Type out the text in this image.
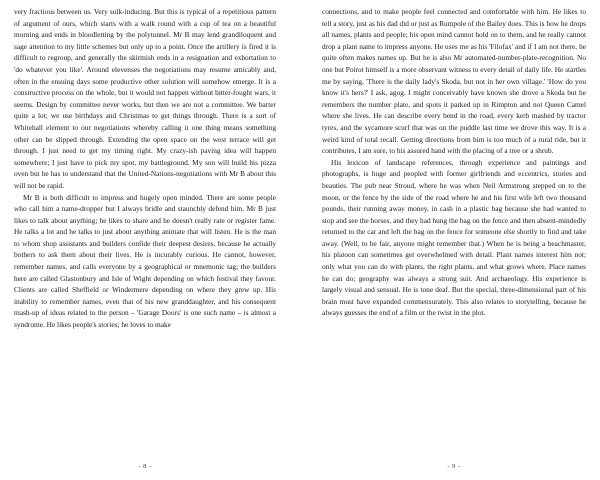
very fractious between us. Very sulk-inducing. But this is typical of a repetitious pattern of argument of ours, which starts with a walk round with a cup of tea on a beautiful morning and ends in bloodletting by the polytunnel. Mr B may lend grandiloquent and sage attention to my little schemes but only up to a point. Once the artillery is fired it is difficult to regroup, and generally the skirmish ends in a resignation and exhortation to 'do whatever you like'. Around elevenses the negotiations may resume amicably and, often in the ensuing days some productive other solution will somehow emerge. It is a constructive process on the whole, but it would not happen without bitter-fought wars, it seems. Design by committee never works, but then we are not a committee. We barter quite a lot; we use birthdays and Christmas to get things through. There is a sort of Whitehall element to our negotiations whereby calling it one thing means something other can be slipped through. Extending the open space on the west terrace will get through. I just need to get my timing right. My crazy-ish paving idea will happen somewhere; I just have to pick my spot, my battleground. My son will build his pizza oven but he has to understand that the United-Nations-negotiations with Mr B about this will not be rapid.

Mr B is both difficult to impress and hugely open minded. There are some people who call him a name-dropper but I always bridle and staunchly defend him. Mr B just likes to talk about anything; he likes to share and he doesn't really rate or register fame. He talks a lot and he talks to just about anything animate that will listen. He is the man to whom shop assistants and builders confide their deepest desires, because he actually bothers to ask them about their lives. He is incurably curious. He cannot, however, remember names, and calls everyone by a geographical or mnemonic tag; the builders here are called Glastonbury and Isle of Wight depending on which festival they favour. Clients are called Sheffield or Windermere depending on where they grew up. His inability to remember names, even that of his new granddaughter, and his consequent mash-up of ideas related to the person – 'Garage Doors' is one such name – is almost a syndrome. He likes people's stories; he loves to make

- 8 -

connections, and to make people feel connected and comfortable with him. He likes to tell a story, just as his dad did or just as Rumpole of the Bailey does. This is how he drops all names, plants and people; his open mind cannot hold on to them, and he really cannot drop a plant name to impress anyone. He uses me as his 'Filofax' and if I am not there, he quite often makes names up. But he is also Mr automated-number-plate-recognition. No one but Poirot himself is a more observant witness to every detail of daily life. He startles me by saying, 'There is the daily lady's Skoda, but not in her own village.' 'How do you know it's hers?' I ask, agog. I might conceivably have known she drove a Skoda but he remembers the number plate, and spots it parked up in Rimpton and not Queen Camel where she lives. He can describe every bend in the road, every kerb mashed by tractor tyres, and the sycamore scurf that was on the puddle last time we drove this way. It is a weird kind of total recall. Getting directions from him is too much of a rural ride, but it contributes, I am sure, to his assured hand with the placing of a tree or a shrub.

His lexicon of landscape references, through experience and paintings and photographs, is huge and peopled with former girlfriends and eccentrics, stories and beauties. The pub near Stroud, where he was when Neil Armstrong stepped on to the moon, or the fence by the side of the road where he and his first wife left two thousand pounds, their running away money, in cash in a plastic bag because she had wanted to stop and see the horses, and they had hung the bag on the fence and then absent-mindedly returned to the car and left the bag on the fence for someone else shortly to find and take away. (Well, to be fair, anyone might remember that.) When he is being a beachmaster, his platoon can sometimes get overwhelmed with detail. Plant names interest him not; only what you can do with plants, the right plants, and what grows where. Place names he can do; geography was always a strong suit. And archaeology. His experience is largely visual and sensual. He is tone deaf. But the special, three-dimensional part of his brain must have expanded commensurately. This also relates to storytelling, because he always guesses the end of a film or the twist in the plot.

- 9 -
